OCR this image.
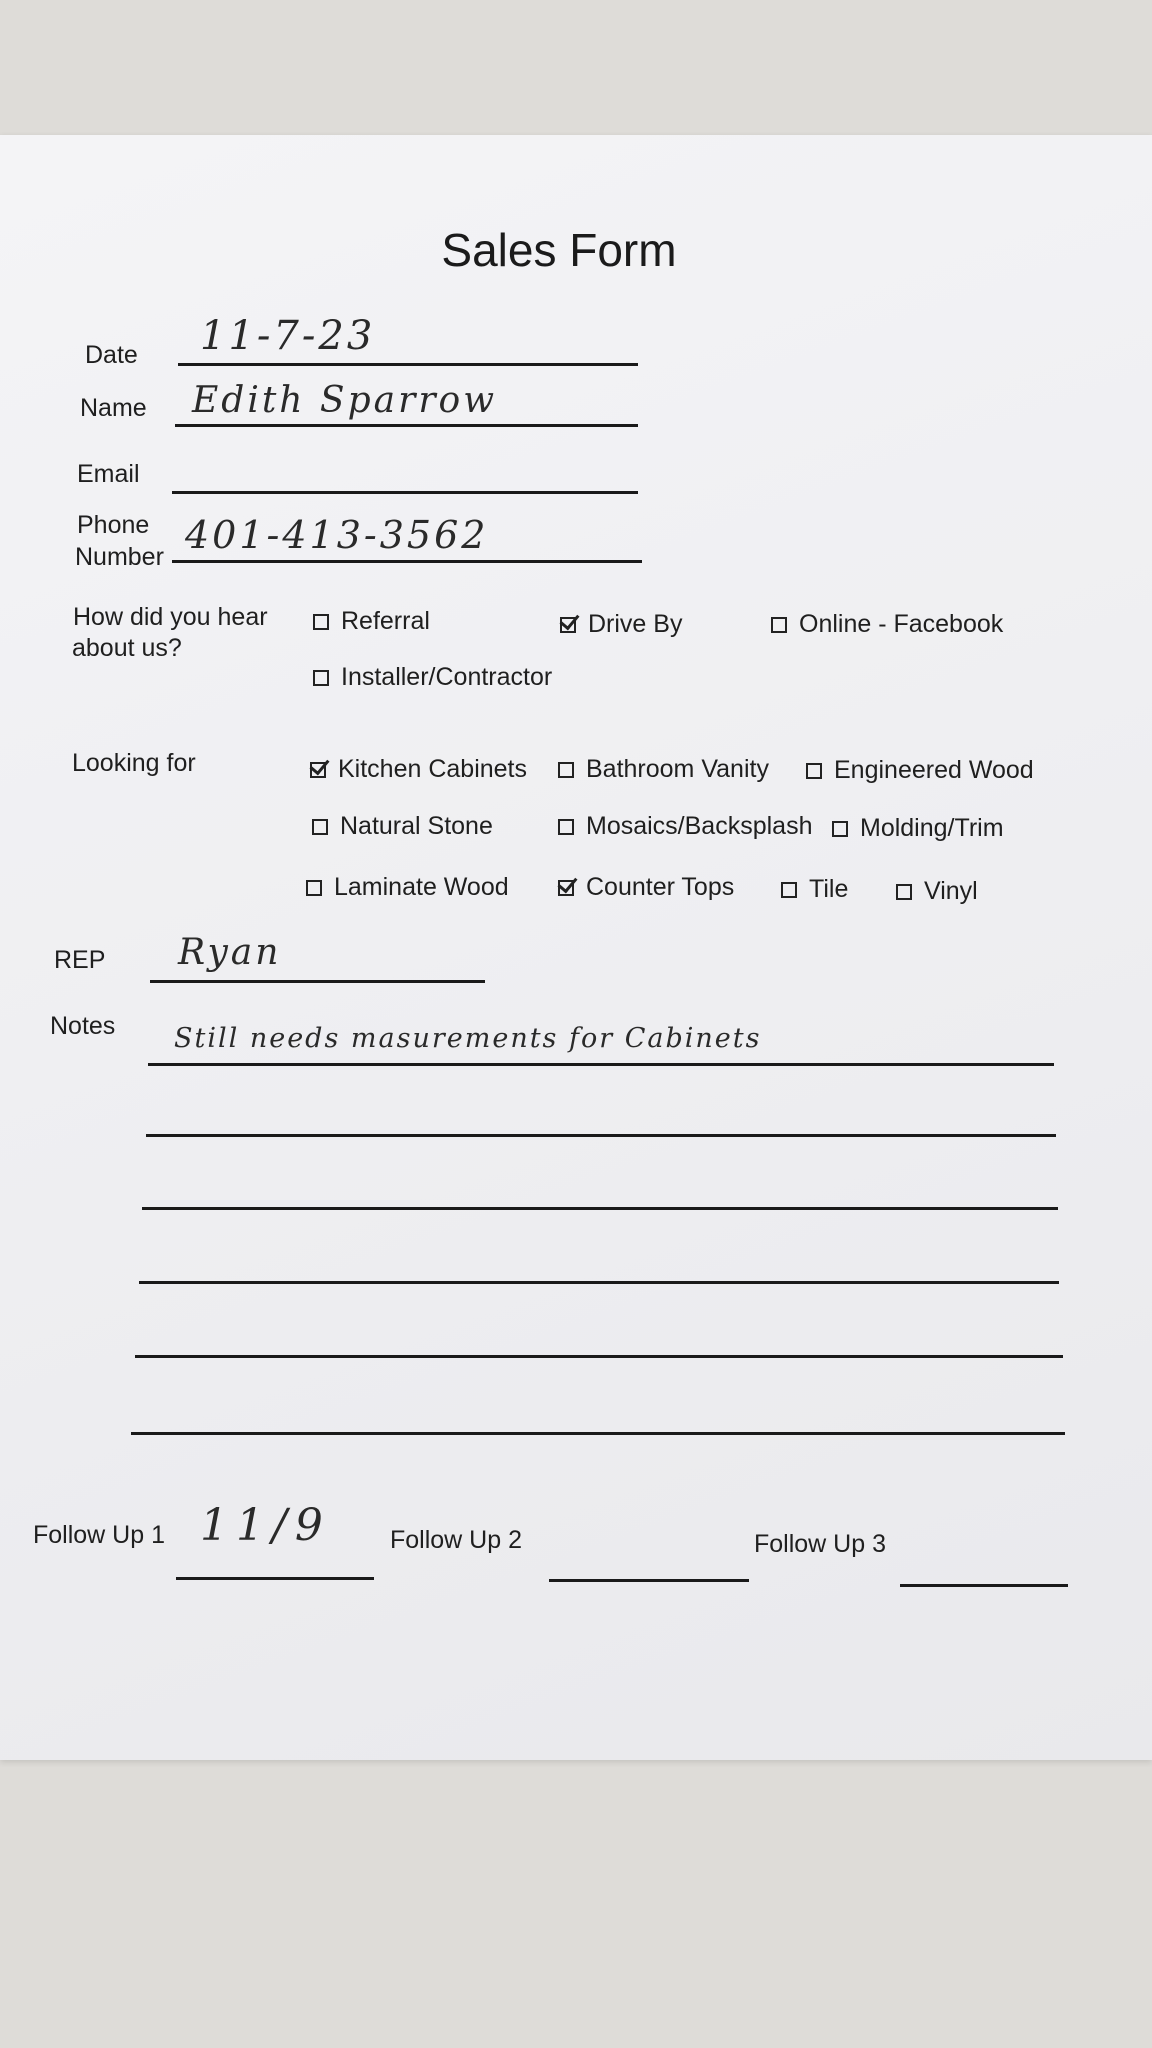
Sales Form
Date 11-7-23
Name Edith Sparrow
Email
Phone
Number 401-413-3562
How did you hear
about us?
Referral	Drive By	Online - Facebook
Installer/Contractor
Looking for	Kitchen Cabinets Bathroom Vanity	Engineered Wood
Natural Stone	Mosaics/Backsplash Molding/Trim
Laminate Wood	Counter Tops	Tile	Vinyl
REP Ryan
Notes Still needs masurements for Cabinets
Follow Up 1 11/9 Follow Up 2	Follow Up 3
